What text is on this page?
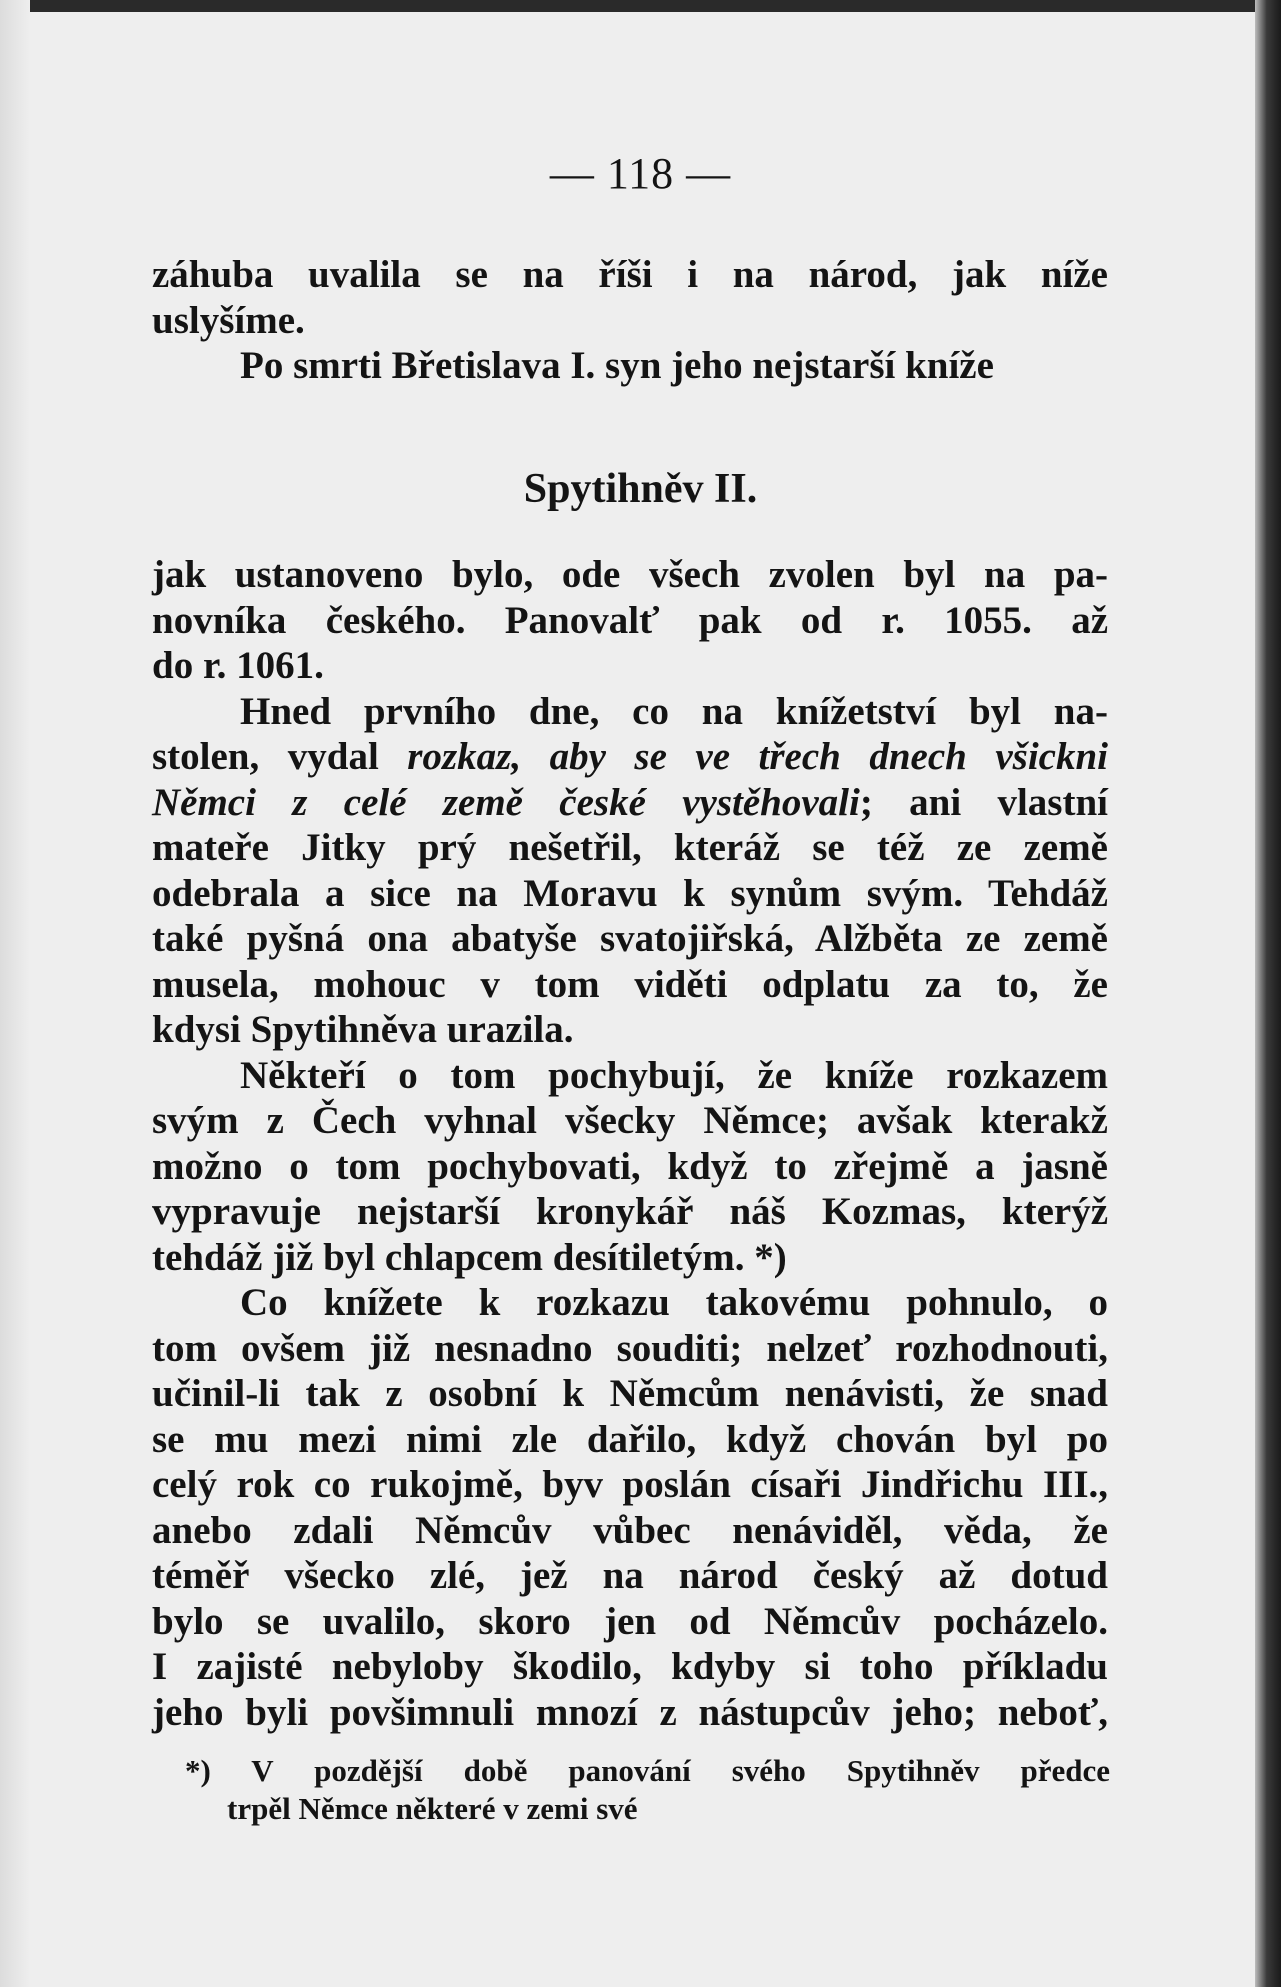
— 118 —
záhuba uvalila se na říši i na národ, jak níže
uslyšíme.
Po smrti Břetislava I. syn jeho nejstarší kníže
Spytihněv II.
jak ustanoveno bylo, ode všech zvolen byl na pa-
novníka českého. Panovalť pak od r. 1055. až
do r. 1061.
Hned prvního dne, co na knížetství byl na-
stolen, vydal rozkaz, aby se ve třech dnech všickni
Němci z celé země české vystěhovali; ani vlastní
mateře Jitky prý nešetřil, kteráž se též ze země
odebrala a sice na Moravu k synům svým. Tehdáž
také pyšná ona abatyše svatojiřská, Alžběta ze země
musela, mohouc v tom viděti odplatu za to, že
kdysi Spytihněva urazila.
Někteří o tom pochybují, že kníže rozkazem
svým z Čech vyhnal všecky Němce; avšak kterakž
možno o tom pochybovati, když to zřejmě a jasně
vypravuje nejstarší kronykář náš Kozmas, kterýž
tehdáž již byl chlapcem desítiletým. *)
Co knížete k rozkazu takovému pohnulo, o
tom ovšem již nesnadno souditi; nelzeť rozhodnouti,
učinil-li tak z osobní k Němcům nenávisti, že snad
se mu mezi nimi zle dařilo, když chován byl po
celý rok co rukojmě, byv poslán císaři Jindřichu III.,
anebo zdali Němcův vůbec nenáviděl, věda, že
téměř všecko zlé, jež na národ český až dotud
bylo se uvalilo, skoro jen od Němcův pocházelo.
I zajisté nebyloby škodilo, kdyby si toho příkladu
jeho byli povšimnuli mnozí z nástupcův jeho; neboť,
*) V pozdější době panování svého Spytihněv předce
trpěl Němce některé v zemi své
